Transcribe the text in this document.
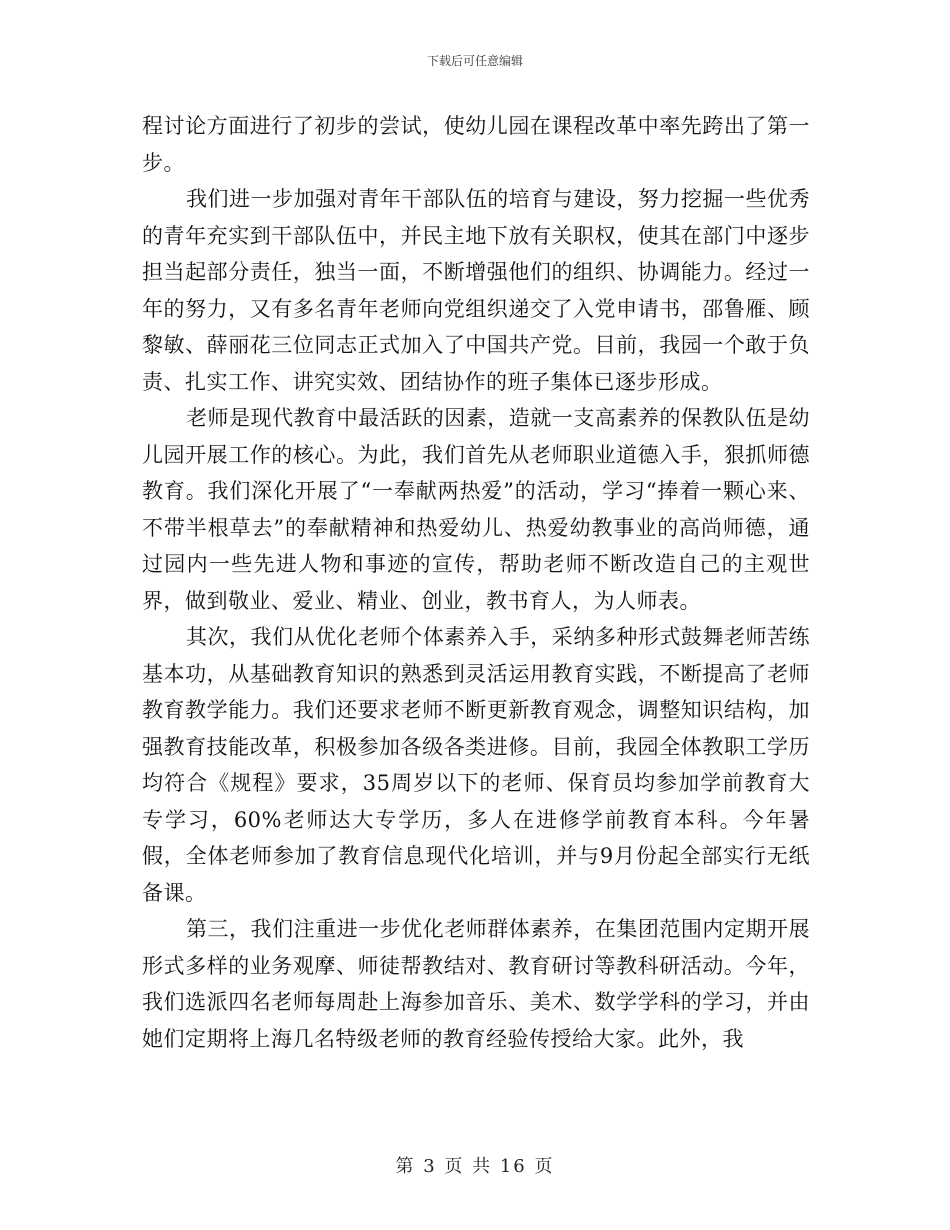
下载后可任意编辑

程讨论方面进行了初步的尝试，使幼儿园在课程改革中率先跨出了第一步。

我们进一步加强对青年干部队伍的培育与建设，努力挖掘一些优秀的青年充实到干部队伍中，并民主地下放有关职权，使其在部门中逐步担当起部分责任，独当一面，不断增强他们的组织、协调能力。经过一年的努力，又有多名青年老师向党组织递交了入党申请书，邵鲁雁、顾黎敏、薛丽花三位同志正式加入了中国共产党。目前，我园一个敢于负责、扎实工作、讲究实效、团结协作的班子集体已逐步形成。

老师是现代教育中最活跃的因素，造就一支高素养的保教队伍是幼儿园开展工作的核心。为此，我们首先从老师职业道德入手，狠抓师德教育。我们深化开展了“一奉献两热爱”的活动，学习“捧着一颗心来、不带半根草去”的奉献精神和热爱幼儿、热爱幼教事业的高尚师德，通过园内一些先进人物和事迹的宣传，帮助老师不断改造自己的主观世界，做到敬业、爱业、精业、创业，教书育人，为人师表。

其次，我们从优化老师个体素养入手，采纳多种形式鼓舞老师苦练基本功，从基础教育知识的熟悉到灵活运用教育实践，不断提高了老师教育教学能力。我们还要求老师不断更新教育观念，调整知识结构，加强教育技能改革，积极参加各级各类进修。目前，我园全体教职工学历均符合《规程》要求，35周岁以下的老师、保育员均参加学前教育大专学习，60%老师达大专学历，多人在进修学前教育本科。今年暑假，全体老师参加了教育信息现代化培训，并与9月份起全部实行无纸备课。

第三，我们注重进一步优化老师群体素养，在集团范围内定期开展形式多样的业务观摩、师徒帮教结对、教育研讨等教科研活动。今年，我们选派四名老师每周赴上海参加音乐、美术、数学学科的学习，并由她们定期将上海几名特级老师的教育经验传授给大家。此外，我

第 3 页 共 16 页
